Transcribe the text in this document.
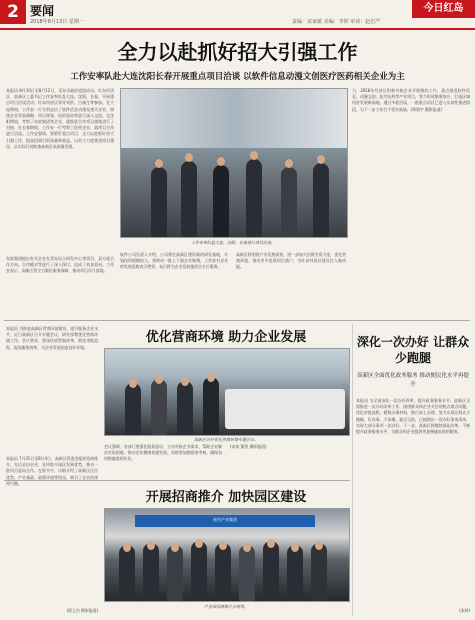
2 要闻
2018年8月13日 星期一	责编：宋家敏 美编：李婷 审读：赵忠严
今日红岛
全力以赴抓好招大引强工作
工作安率队赴大连沈阳长春开展重点项目洽谈 以软件信息动漫文创医疗医药相关企业为主
本报讯 8月10日至8月12日，青岛市政府党组成员、红岛经济区、高新区工委书记工作安率队赴大连、沈阳、长春，开展重点项目洽谈活动。红岛经济区领导刘洪、吕福生等参加。在大连期间，工作安一行分别走访了软件信息动漫及相关企业，围绕企业发展战略、项目规划、投资意向等进行深入交流。在沈阳期间，考察了东软集团等企业，就推进合作项目落地进行了对接。在长春期间，工作安一行考察了医药企业，就项目合作进行洽谈。工作安强调，要紧盯重点项目，全力以赴抓好招大引强工作，提高招商引资质量和效益，以更大力度推进项目建设，以实际行动助推高新区高质量发展。
东软集团提出有关企业在青岛设立研发中心等项目，双方就合作方向、合作模式等进行了深入探讨，达成了初步意向。工作安表示，高新区将全力做好服务保障，推动项目早日落地。
工作安率队赴大连、沈阳、长春进行项目洽谈。
软件公司负责人介绍，公司将在高新区建设新的研发基地，计划投资规模较大，将带动一批上下游企业集聚。工作安对企业的发展思路表示赞赏，表示将为企业发展提供全方位服务。
高新区将围绕产业发展需要，进一步加大招商引资力度，优化营商环境，推动更多优质项目落户，为红岛经济区建设注入新动能。
力，2018年经济区积极对接企业开展签约工作，重点推进软件信息、动漫文创、医疗医药等产业项目，努力形成集聚效应，打造区域经济发展新高地。通过多轮洽谈，一批重点项目已进入实质性推进阶段，为下一步工作打下坚实基础。(郑朋宇 摄影报道)
本报讯 为推进高新区营商环境建设，提升服务企业水平，近日高新区召开专题会议，研究部署优化营商环境工作。会议要求，要深化放管服改革，简化审批流程，提高服务效率，为企业发展创造良好环境。
优化营商环境 助力企业发展
高新区召开优化营商环境专题会议。
会议强调，各部门要强化服务意识，主动对接企业需求，帮助企业解决实际困难，推动企业健康快速发展。同时要加强督查考核，确保各项措施落到实处。
(宋家 董智 摄影报道)
本报讯 7月31日至8月4日，高新区管委会组织招商推介，先后走访企业，宣传推介园区发展优势，推动一批项目意向合作。在推介中，详细介绍了高新区区位优势、产业基础、政策环境等情况，吸引了企业的浓厚兴趣。
开展招商推介 加快园区建设
星河产业集团
产业园招商推介会现场。
(贾玉杰 摄影报道)
深化一次办好 让群众少跑腿
高新区全面优化政务服务 推动便民化水平再提升
本报讯 为全面深化一次办好改革，提升政务服务水平，高新区全面推进一次办好改革工作，围绕群众和企业关注的热点难点问题，优化审批流程，精简办事材料，推行网上办理，努力实现让群众少跑腿、好办事、不添堵。截至目前，已梳理出一次办好事项清单，实现大部分事项一次办好。下一步，高新区将继续深化改革，不断提升政务服务水平，为群众和企业提供更加便捷高效的服务。
(张婷)
